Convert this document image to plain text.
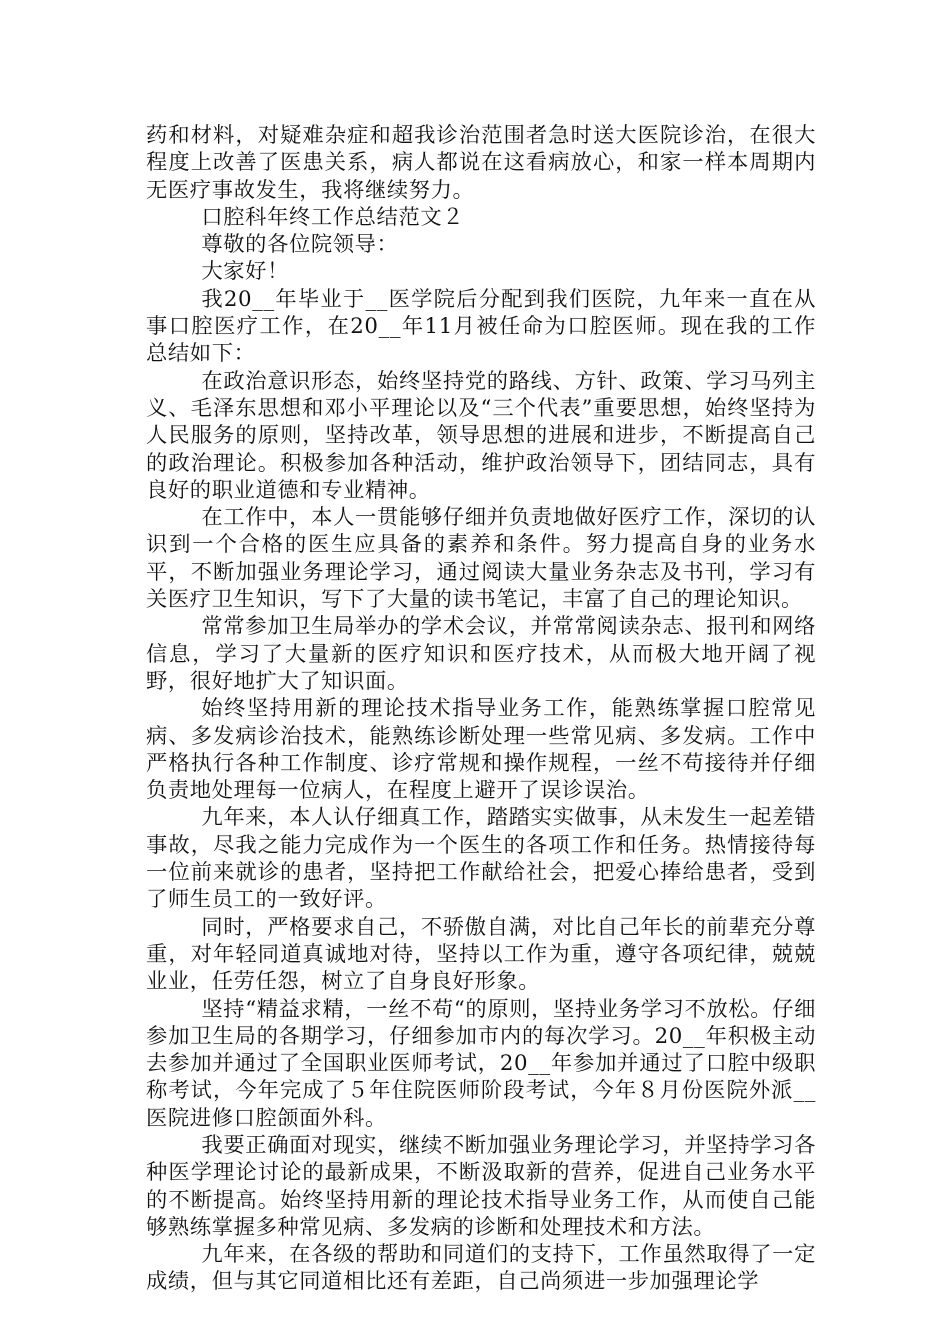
药和材料，对疑难杂症和超我诊治范围者急时送大医院诊治，在很大程度上改善了医患关系，病人都说在这看病放心，和家一样本周期内无医疗事故发生，我将继续努力。

口腔科年终工作总结范文２

尊敬的各位院领导：

大家好！

我20__年毕业于__医学院后分配到我们医院，九年来一直在从事口腔医疗工作，在20__年11月被任命为口腔医师。现在我的工作总结如下：

在政治意识形态，始终坚持党的路线、方针、政策、学习马列主义、毛泽东思想和邓小平理论以及“三个代表”重要思想，始终坚持为人民服务的原则，坚持改革，领导思想的进展和进步，不断提高自己的政治理论。积极参加各种活动，维护政治领导下，团结同志，具有良好的职业道德和专业精神。

在工作中，本人一贯能够仔细并负责地做好医疗工作，深切的认识到一个合格的医生应具备的素养和条件。努力提高自身的业务水平，不断加强业务理论学习，通过阅读大量业务杂志及书刊，学习有关医疗卫生知识，写下了大量的读书笔记，丰富了自己的理论知识。

常常参加卫生局举办的学术会议，并常常阅读杂志、报刊和网络信息，学习了大量新的医疗知识和医疗技术，从而极大地开阔了视野，很好地扩大了知识面。

始终坚持用新的理论技术指导业务工作，能熟练掌握口腔常见病、多发病诊治技术，能熟练诊断处理一些常见病、多发病。工作中严格执行各种工作制度、诊疗常规和操作规程，一丝不苟接待并仔细负责地处理每一位病人，在程度上避开了误诊误治。

九年来，本人认仔细真工作，踏踏实实做事，从未发生一起差错事故，尽我之能力完成作为一个医生的各项工作和任务。热情接待每一位前来就诊的患者，坚持把工作献给社会，把爱心捧给患者，受到了师生员工的一致好评。

同时，严格要求自己，不骄傲自满，对比自己年长的前辈充分尊重，对年轻同道真诚地对待，坚持以工作为重，遵守各项纪律，兢兢业业，任劳任怨，树立了自身良好形象。

坚持“精益求精，一丝不苟“的原则，坚持业务学习不放松。仔细参加卫生局的各期学习，仔细参加市内的每次学习。20__年积极主动去参加并通过了全国职业医师考试，20__年参加并通过了口腔中级职称考试，今年完成了５年住院医师阶段考试，今年８月份医院外派__医院进修口腔颌面外科。

我要正确面对现实，继续不断加强业务理论学习，并坚持学习各种医学理论讨论的最新成果，不断汲取新的营养，促进自己业务水平的不断提高。始终坚持用新的理论技术指导业务工作，从而使自己能够熟练掌握多种常见病、多发病的诊断和处理技术和方法。

九年来，在各级的帮助和同道们的支持下，工作虽然取得了一定成绩，但与其它同道相比还有差距，自己尚须进一步加强理论学
